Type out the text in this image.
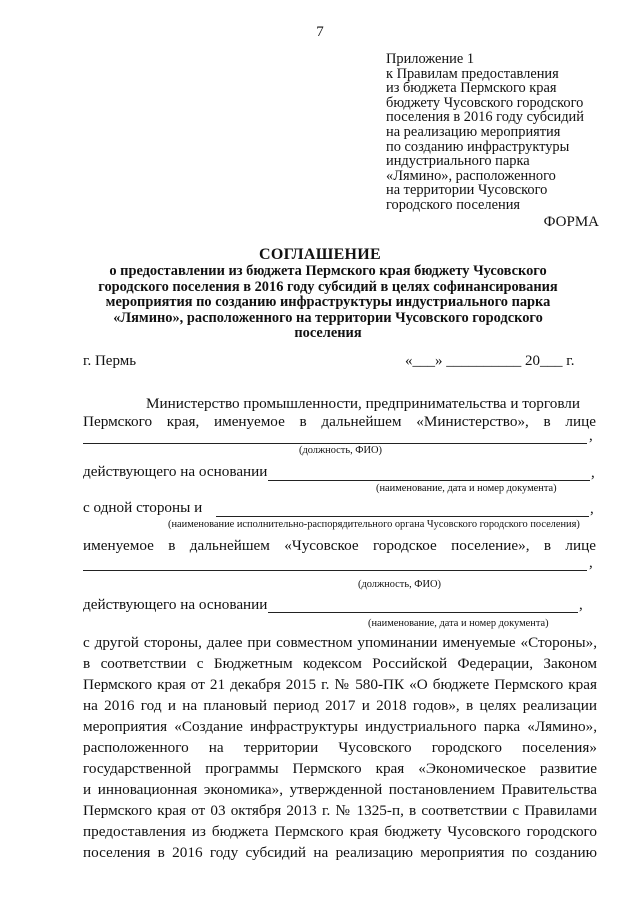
7
Приложение 1
к Правилам предоставления
из бюджета Пермского края
бюджету Чусовского городского
поселения в 2016 году субсидий
на реализацию мероприятия
по созданию инфраструктуры
индустриального парка
«Лямино», расположенного
на территории Чусовского
городского поселения
ФОРМА
СОГЛАШЕНИЕ
о предоставлении из бюджета Пермского края бюджету Чусовского
городского поселения в 2016 году субсидий в целях софинансирования
мероприятия по созданию инфраструктуры индустриального парка
«Лямино», расположенного на территории Чусовского городского
поселения
г. Пермь	«___» __________ 20___ г.
Министерство промышленности, предпринимательства и торговли
Пермского края, именуемое в дальнейшем «Министерство», в лице
,
(должность, ФИО)
действующего на основании	,
(наименование, дата и номер документа)
с одной стороны и	,
(наименование исполнительно-распорядительного органа Чусовского городского поселения)
именуемое в дальнейшем «Чусовское городское поселение», в лице
,
(должность, ФИО)
действующего на основании	,
(наименование, дата и номер документа)
с другой стороны, далее при совместном упоминании именуемые «Стороны»,
в соответствии с Бюджетным кодексом Российской Федерации, Законом
Пермского края от 21 декабря 2015 г. № 580-ПК «О бюджете Пермского края
на 2016 год и на плановый период 2017 и 2018 годов», в целях реализации
мероприятия «Создание инфраструктуры индустриального парка «Лямино»,
расположенного на территории Чусовского городского поселения»
государственной программы Пермского края «Экономическое развитие
и инновационная экономика», утвержденной постановлением Правительства
Пермского края от 03 октября 2013 г. № 1325-п, в соответствии с Правилами
предоставления из бюджета Пермского края бюджету Чусовского городского
поселения в 2016 году субсидий на реализацию мероприятия по созданию
